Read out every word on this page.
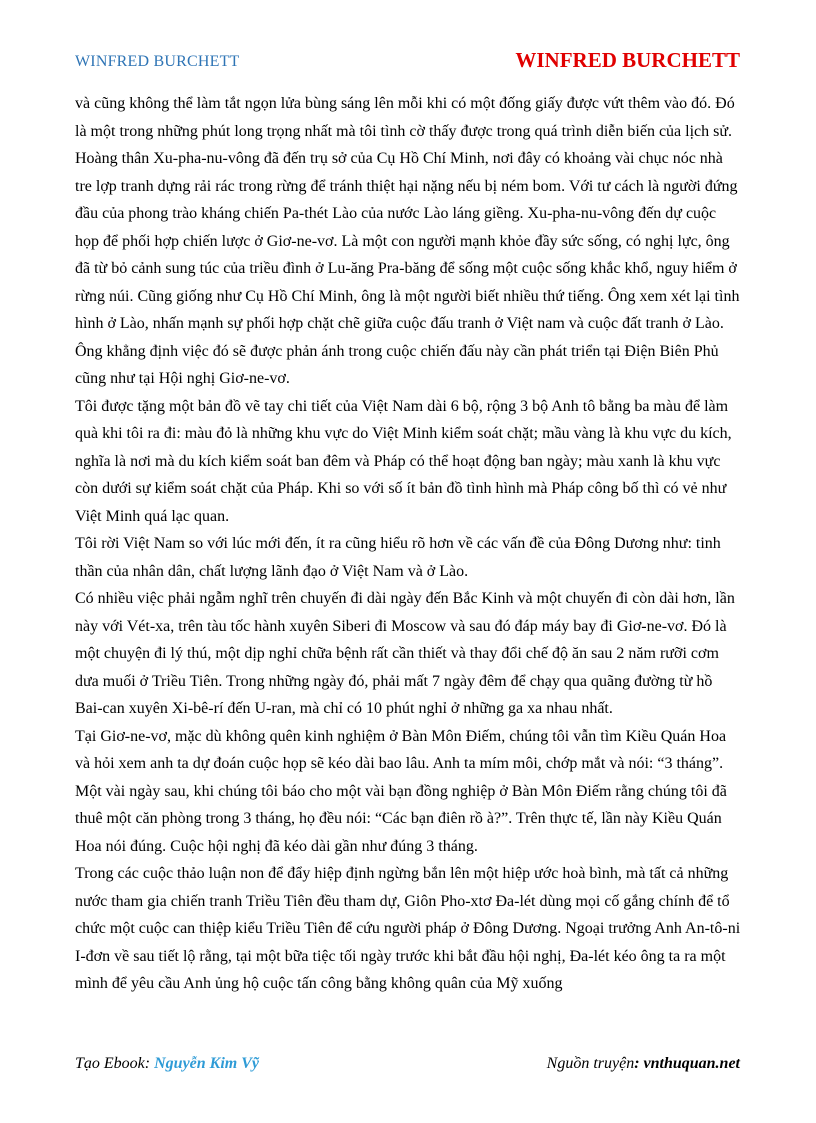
WINFRED BURCHETT	WINFRED BURCHETT

và cũng không thể làm tắt ngọn lửa bùng sáng lên mỗi khi có một đống giấy được vứt thêm vào đó. Đó là một trong những phút long trọng nhất mà tôi tình cờ thấy được trong quá trình diễn biến của lịch sử.

Hoàng thân Xu-pha-nu-vông đã đến trụ sở của Cụ Hồ Chí Minh, nơi đây có khoảng vài chục nóc nhà tre lợp tranh dựng rải rác trong rừng để tránh thiệt hại nặng nếu bị ném bom. Với tư cách là người đứng đầu của phong trào kháng chiến Pa-thét Lào của nước Lào láng giềng. Xu-pha-nu-vông đến dự cuộc họp để phối hợp chiến lược ở Giơ-ne-vơ. Là một con người mạnh khỏe đầy sức sống, có nghị lực, ông đã từ bỏ cảnh sung túc của triều đình ở Lu-ăng Pra-băng để sống một cuộc sống khắc khổ, nguy hiểm ở rừng núi. Cũng giống như Cụ Hồ Chí Minh, ông là một người biết nhiều thứ tiếng. Ông xem xét lại tình hình ở Lào, nhấn mạnh sự phối hợp chặt chẽ giữa cuộc đấu tranh ở Việt nam và cuộc đất tranh ở Lào. Ông khẳng định việc đó sẽ được phản ánh trong cuộc chiến đấu này cần phát triển tại Điện Biên Phủ cũng như tại Hội nghị Giơ-ne-vơ.

Tôi được tặng một bản đồ vẽ tay chi tiết của Việt Nam dài 6 bộ, rộng 3 bộ Anh tô bằng ba màu để làm quà khi tôi ra đi: màu đỏ là những khu vực do Việt Minh kiểm soát chặt; mầu vàng là khu vực du kích, nghĩa là nơi mà du kích kiểm soát ban đêm và Pháp có thể hoạt động ban ngày; màu xanh là khu vực còn dưới sự kiểm soát chặt của Pháp. Khi so với số ít bản đồ tình hình mà Pháp công bố thì có vẻ như Việt Minh quá lạc quan.

Tôi rời Việt Nam so với lúc mới đến, ít ra cũng hiểu rõ hơn về các vấn đề của Đông Dương như: tinh thần của nhân dân, chất lượng lãnh đạo ở Việt Nam và ở Lào.

Có nhiều việc phải ngẫm nghĩ trên chuyến đi dài ngày đến Bắc Kinh và một chuyến đi còn dài hơn, lần này với Vét-xa, trên tàu tốc hành xuyên Siberi đi Moscow và sau đó đáp máy bay đi Giơ-ne-vơ. Đó là một chuyện đi lý thú, một dịp nghỉ chữa bệnh rất cần thiết và thay đổi chế độ ăn sau 2 năm rưỡi cơm dưa muối ở Triều Tiên. Trong những ngày đó, phải mất 7 ngày đêm để chạy qua quãng đường từ hồ Bai-can xuyên Xi-bê-rí đến U-ran, mà chỉ có 10 phút nghỉ ở những ga xa nhau nhất.

Tại Giơ-ne-vơ, mặc dù không quên kinh nghiệm ở Bàn Môn Điếm, chúng tôi vẫn tìm Kiều Quán Hoa và hỏi xem anh ta dự đoán cuộc họp sẽ kéo dài bao lâu. Anh ta mím môi, chớp mắt và nói: “3 tháng”. Một vài ngày sau, khi chúng tôi báo cho một vài bạn đồng nghiệp ở Bàn Môn Điếm rằng chúng tôi đã thuê một căn phòng trong 3 tháng, họ đều nói: “Các bạn điên rồ à?”. Trên thực tế, lần này Kiều Quán Hoa nói đúng. Cuộc hội nghị đã kéo dài gần như đúng 3 tháng.

Trong các cuộc thảo luận non để đẩy hiệp định ngừng bắn lên một hiệp ước hoà bình, mà tất cả những nước tham gia chiến tranh Triều Tiên đều tham dự, Giôn Pho-xtơ Đa-lét dùng mọi cố gắng chính để tổ chức một cuộc can thiệp kiểu Triều Tiên để cứu người pháp ở Đông Dương. Ngoại trưởng Anh An-tô-ni I-đơn về sau tiết lộ rằng, tại một bữa tiệc tối ngày trước khi bắt đầu hội nghị, Đa-lét kéo ông ta ra một mình để yêu cầu Anh ủng hộ cuộc tấn công bằng không quân của Mỹ xuống

Tạo Ebook: Nguyễn Kim Vỹ	Nguồn truyện: vnthuquan.net
